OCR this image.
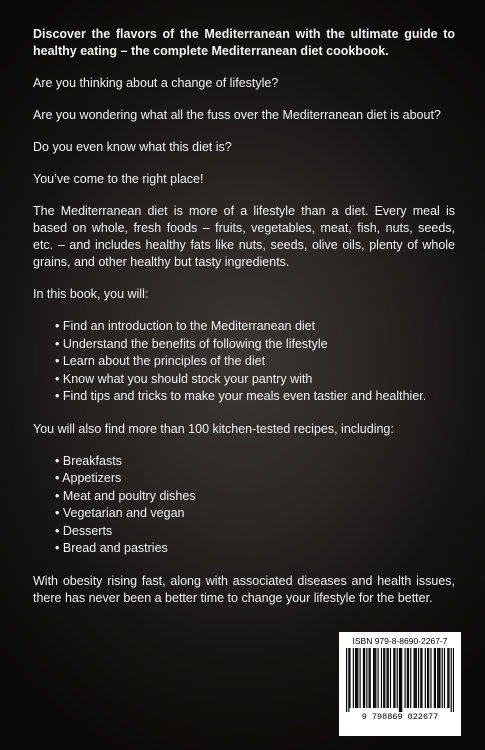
Discover the flavors of the Mediterranean with the ultimate guide to healthy eating – the complete Mediterranean diet cookbook.

Are you thinking about a change of lifestyle?

Are you wondering what all the fuss over the Mediterranean diet is about?

Do you even know what this diet is?

You’ve come to the right place!

The Mediterranean diet is more of a lifestyle than a diet. Every meal is based on whole, fresh foods – fruits, vegetables, meat, fish, nuts, seeds, etc. – and includes healthy fats like nuts, seeds, olive oils, plenty of whole grains, and other healthy but tasty ingredients.

In this book, you will:

• Find an introduction to the Mediterranean diet
• Understand the benefits of following the lifestyle
• Learn about the principles of the diet
• Know what you should stock your pantry with
• Find tips and tricks to make your meals even tastier and healthier.

You will also find more than 100 kitchen-tested recipes, including:

• Breakfasts
• Appetizers
• Meat and poultry dishes
• Vegetarian and vegan
• Desserts
• Bread and pastries

With obesity rising fast, along with associated diseases and health issues, there has never been a better time to change your lifestyle for the better.

ISBN 979-8-8690-2267-7
9 798869 022677
